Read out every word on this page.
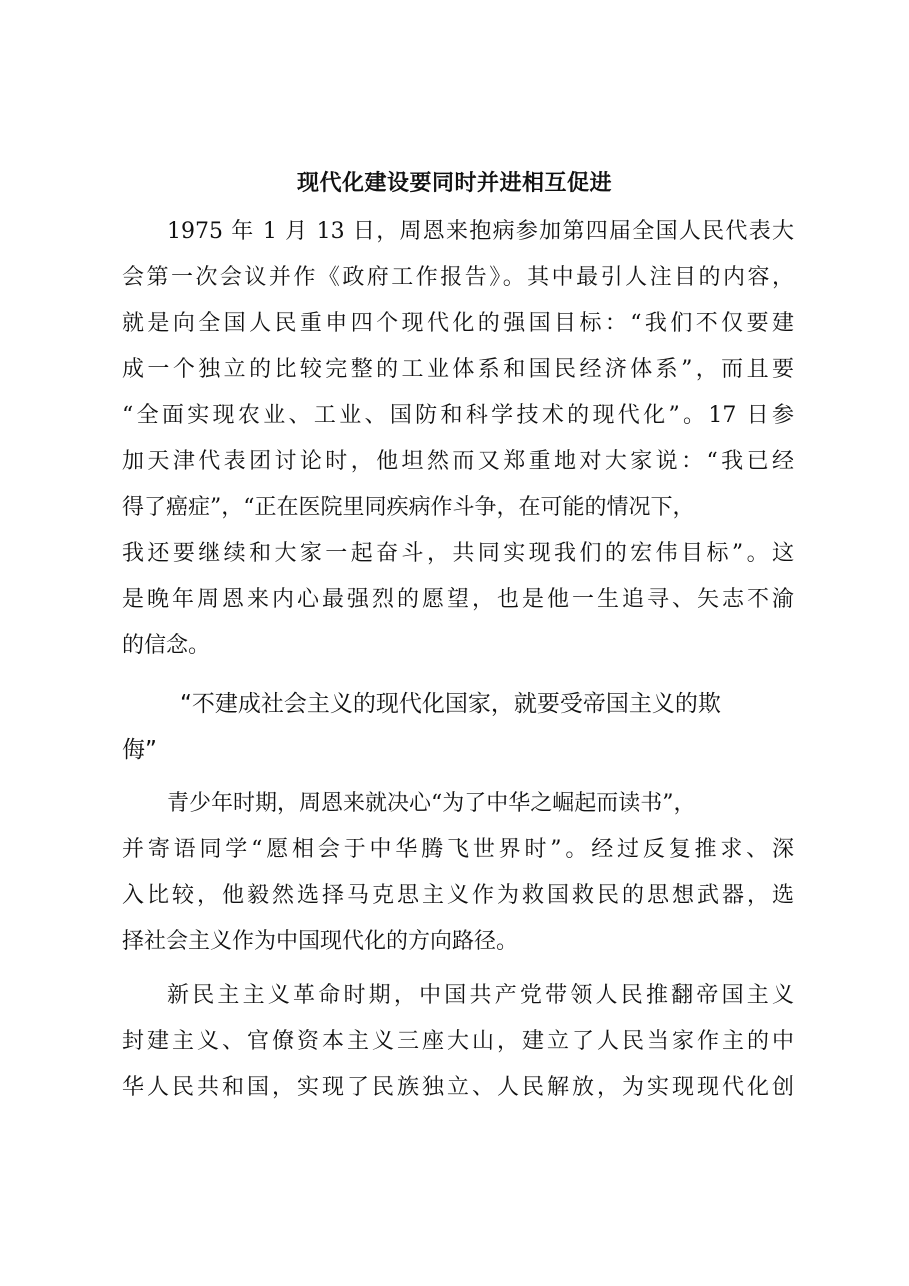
现代化建设要同时并进相互促进
1975 年 1 月 13 日，周恩来抱病参加第四届全国人民代表大
会第一次会议并作《政府工作报告》。其中最引人注目的内容，
就是向全国人民重申四个现代化的强国目标：“我们不仅要建
成一个独立的比较完整的工业体系和国民经济体系”，而且要
“全面实现农业、工业、国防和科学技术的现代化”。17 日参
加天津代表团讨论时，他坦然而又郑重地对大家说：“我已经
得了癌症”，“正在医院里同疾病作斗争，在可能的情况下，
我还要继续和大家一起奋斗，共同实现我们的宏伟目标”。这
是晚年周恩来内心最强烈的愿望，也是他一生追寻、矢志不渝
的信念。
“不建成社会主义的现代化国家，就要受帝国主义的欺
侮”
青少年时期，周恩来就决心“为了中华之崛起而读书”，
并寄语同学“愿相会于中华腾飞世界时”。经过反复推求、深
入比较，他毅然选择马克思主义作为救国救民的思想武器，选
择社会主义作为中国现代化的方向路径。
新民主主义革命时期，中国共产党带领人民推翻帝国主义
封建主义、官僚资本主义三座大山，建立了人民当家作主的中
华人民共和国，实现了民族独立、人民解放，为实现现代化创
